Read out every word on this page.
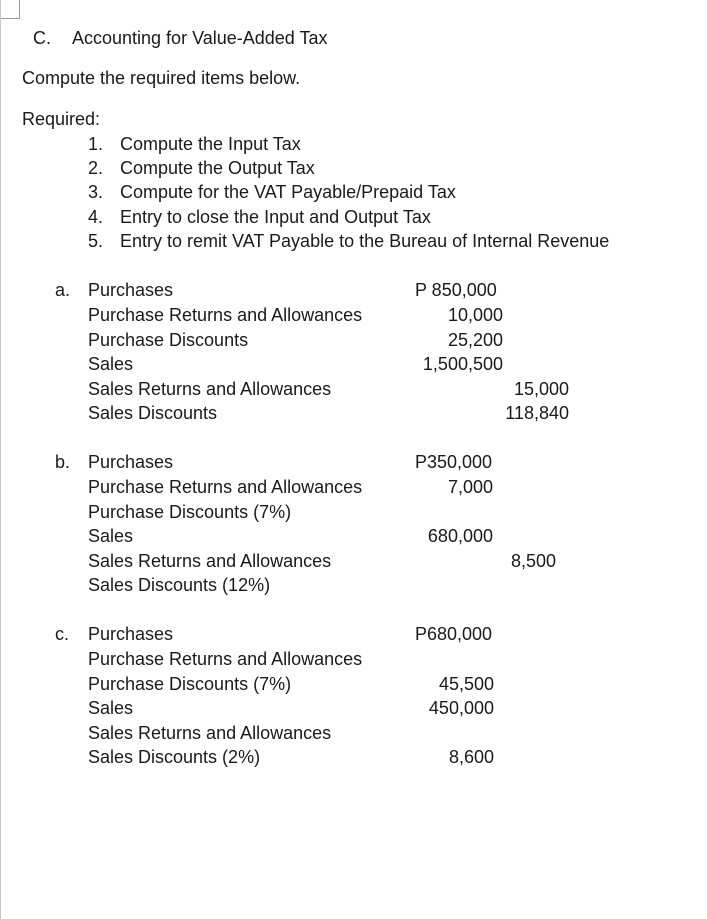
C. Accounting for Value-Added Tax
Compute the required items below.
Required:
1. Compute the Input Tax
2. Compute the Output Tax
3. Compute for the VAT Payable/Prepaid Tax
4. Entry to close the Input and Output Tax
5. Entry to remit VAT Payable to the Bureau of Internal Revenue
a. Purchases
Purchase Returns and Allowances
Purchase Discounts
Sales
Sales Returns and Allowances
Sales Discounts
P 850,000
10,000
25,200
1,500,500
15,000
118,840
b. Purchases
Purchase Returns and Allowances
Purchase Discounts (7%)
Sales
Sales Returns and Allowances
Sales Discounts (12%)
P350,000
7,000
680,000
8,500
c. Purchases
Purchase Returns and Allowances
Purchase Discounts (7%)
Sales
Sales Returns and Allowances
Sales Discounts (2%)
P680,000
45,500
450,000
8,600
